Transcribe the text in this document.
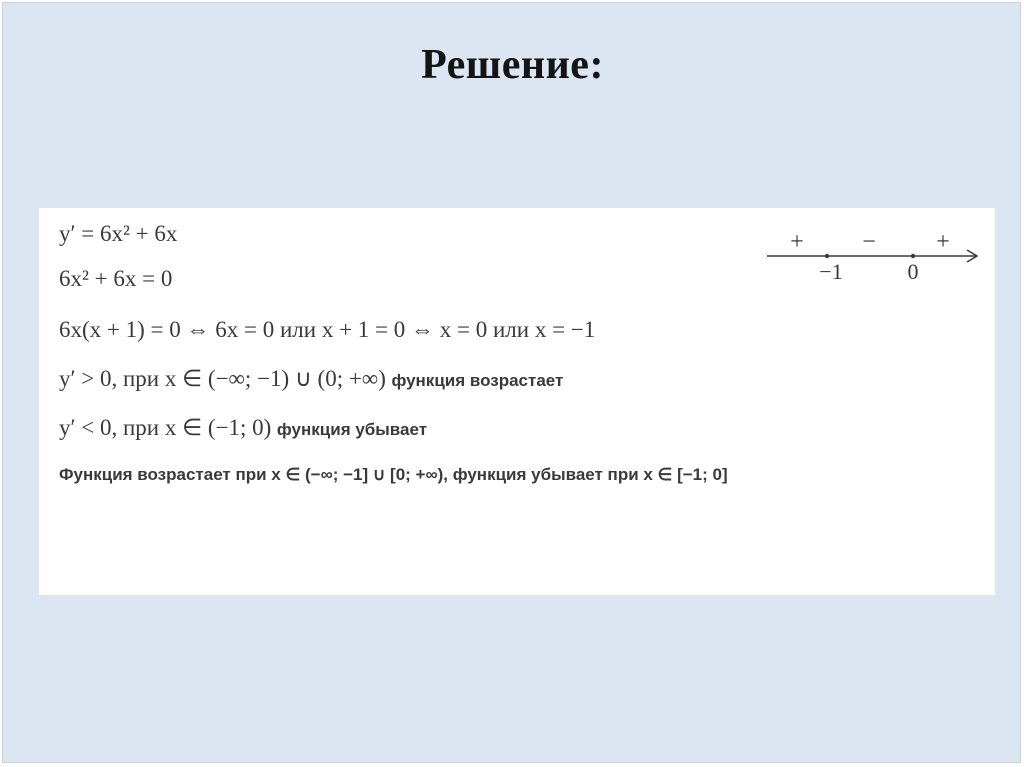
Решение:
y′ = 6x² + 6x
6x² + 6x = 0
6x(x + 1) = 0 ⇔ 6x = 0 или x + 1 = 0 ⇔ x = 0 или x = −1
y′ > 0, при x ∈ (−∞; −1) ∪ (0; +∞) функция возрастает
y′ < 0, при x ∈ (−1; 0) функция убывает
Функция возрастает при x ∈ (−∞; −1] ∪ [0; +∞), функция убывает при x ∈ [−1; 0]
+ −	+
−1	0
